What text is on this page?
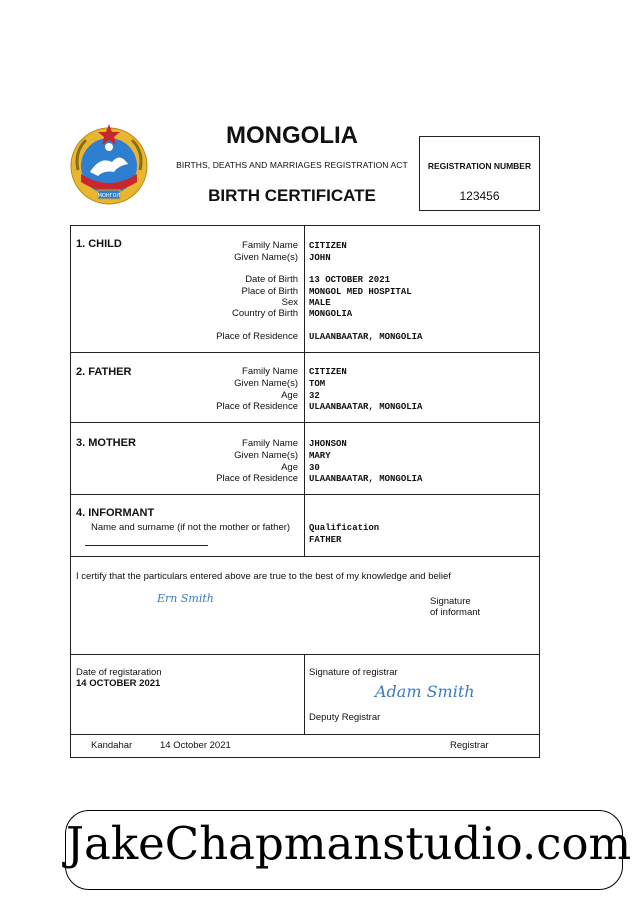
МОНГОЛ
MONGOLIA
BIRTHS, DEATHS AND MARRIAGES REGISTRATION ACT
BIRTH CERTIFICATE
REGISTRATION NUMBER
123456
1. CHILD	Family Name CITIZEN
Given Name(s) JOHN
Date of Birth 13 OCTOBER 2021
Place of Birth MONGOL MED HOSPITAL
Sex MALE
Country of Birth MONGOLIA
Place of Residence ULAANBAATAR, MONGOLIA
2. FATHER	Family Name CITIZEN
Given Name(s) TOM
Age 32
Place of Residence ULAANBAATAR, MONGOLIA
3. MOTHER	Family Name JHONSON
Given Name(s) MARY
Age 30
Place of Residence ULAANBAATAR, MONGOLIA
4. INFORMANT
Name and surname (if not the mother or father) Qualification
FATHER
I certify that the particulars entered above are true to the best of my knowledge and belief
Ern Smith	Signature
of informant
Date of registaration
14 OCTOBER 2021
Signature of registrar
Adam Smith
Deputy Registrar
Kandahar	14 October 2021	Registrar
JakeChapmanstudio.com
